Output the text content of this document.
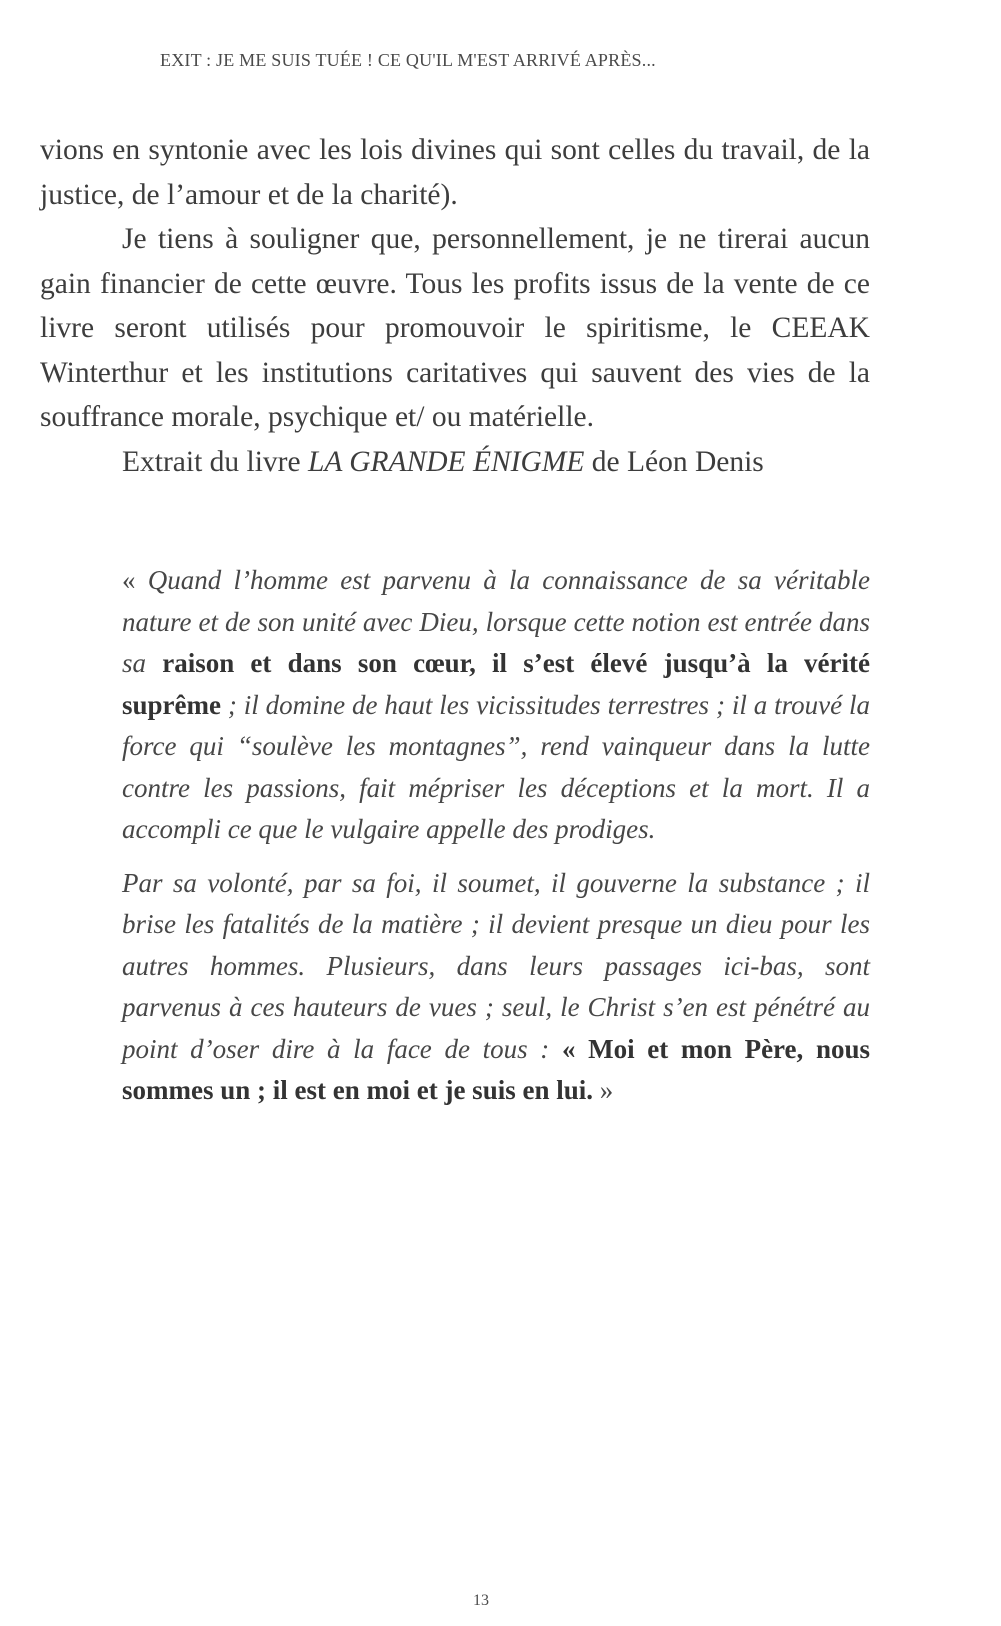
EXIT : JE ME SUIS TUÉE ! CE QU'IL M'EST ARRIVÉ APRÈS...

vions en syntonie avec les lois divines qui sont celles du travail, de la justice, de l’amour et de la charité).

Je tiens à souligner que, personnellement, je ne tirerai aucun gain financier de cette œuvre. Tous les profits issus de la vente de ce livre seront utilisés pour promouvoir le spiritisme, le CEEAK Winterthur et les institutions caritatives qui sauvent des vies de la souffrance morale, psychique et/ ou matérielle.

Extrait du livre LA GRANDE ÉNIGME de Léon Denis

« Quand l’homme est parvenu à la connaissance de sa véritable nature et de son unité avec Dieu, lorsque cette notion est entrée dans sa raison et dans son cœur, il s’est élevé jusqu’à la vérité suprême ; il domine de haut les vicissitudes terrestres ; il a trouvé la force qui “soulève les montagnes”, rend vainqueur dans la lutte contre les passions, fait mépriser les déceptions et la mort. Il a accompli ce que le vulgaire appelle des prodiges.

Par sa volonté, par sa foi, il soumet, il gouverne la substance ; il brise les fatalités de la matière ; il devient presque un dieu pour les autres hommes. Plusieurs, dans leurs passages ici-bas, sont parvenus à ces hauteurs de vues ; seul, le Christ s’en est pénétré au point d’oser dire à la face de tous : « Moi et mon Père, nous sommes un ; il est en moi et je suis en lui. »

13
